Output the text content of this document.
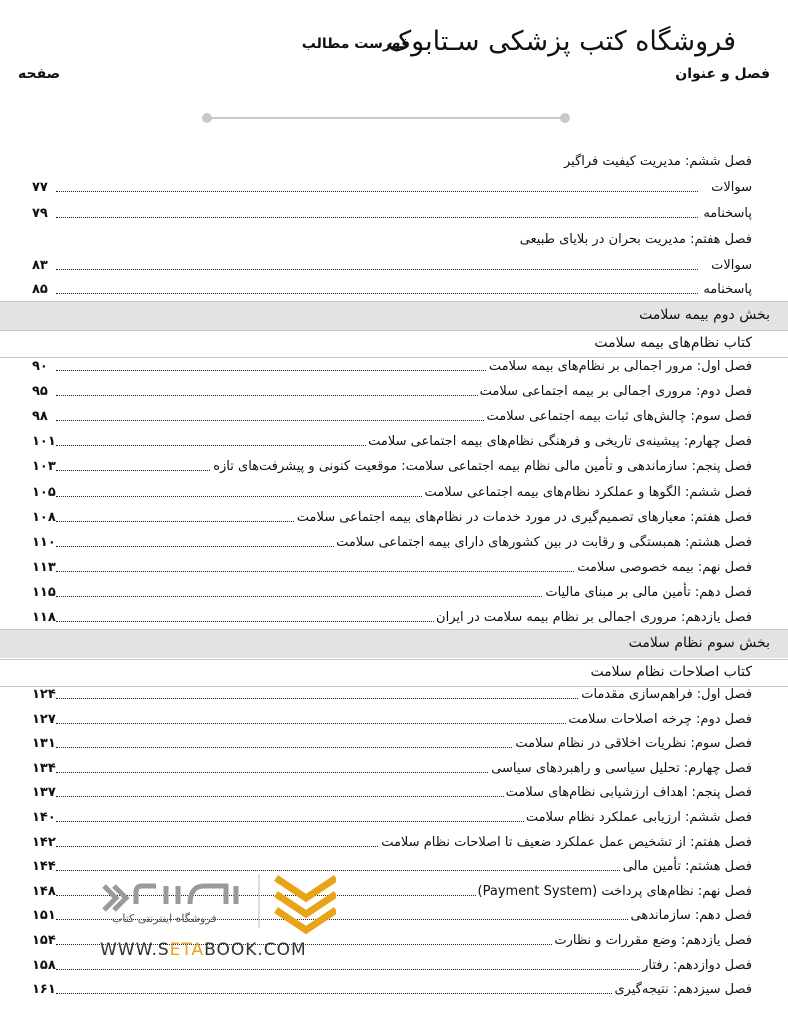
فروشگاه کتب پزشکی سـتابوک
فهرست مطالب
صفحه	فصل و عنوان
فصل ششم: مدیریت کیفیت فراگیر
۷۷	سوالات
۷۹	پاسخنامه
فصل هفتم: مدیریت بحران در بلایای طبیعی
۸۳	سوالات
۸۵	پاسخنامه
بخش دوم بیمه سلامت
کتاب نظام‌های بیمه سلامت
۹۰	فصل اول: مرور اجمالی بر نظام‌های بیمه سلامت
۹۵	فصل دوم: مروری اجمالی بر بیمه اجتماعی سلامت
۹۸	فصل سوم: چالش‌های ثبات بیمه اجتماعی سلامت
۱۰۱	فصل چهارم: پیشینه‌ی تاریخی و فرهنگی نظام‌های بیمه اجتماعی سلامت
۱۰۳	فصل پنجم: سازماندهی و تأمین مالی نظام بیمه اجتماعی سلامت: موقعیت کنونی و پیشرفت‌های تازه
۱۰۵	فصل ششم: الگوها و عملکرد نظام‌های بیمه اجتماعی سلامت
۱۰۸	فصل هفتم: معیارهای تصمیم‌گیری در مورد خدمات در نظام‌های بیمه اجتماعی سلامت
۱۱۰	فصل هشتم: همبستگی و رقابت در بین کشورهای دارای بیمه اجتماعی سلامت
۱۱۳	فصل نهم: بیمه خصوصی سلامت
۱۱۵	فصل دهم: تأمین مالی بر مبنای مالیات
۱۱۸	فصل یازدهم: مروری اجمالی بر نظام بیمه سلامت در ایران
بخش سوم نظام سلامت
کتاب اصلاحات نظام سلامت
۱۲۴	فصل اول: فراهم‌سازی مقدمات
۱۲۷	فصل دوم: چرخه اصلاحات سلامت
۱۳۱	فصل سوم: نظریات اخلاقی در نظام سلامت
۱۳۴	فصل چهارم: تحلیل سیاسی و راهبردهای سیاسی
۱۳۷	فصل پنجم: اهداف ارزشیابی نظام‌های سلامت
۱۴۰	فصل ششم: ارزیابی عملکرد نظام سلامت
۱۴۲	فصل هفتم: از تشخیص عمل عملکرد ضعیف تا اصلاحات نظام سلامت
۱۴۴	فصل هشتم: تأمین مالی
۱۴۸	فصل نهم: نظام‌های پرداخت (Payment System)
۱۵۱	فصل دهم: سازماندهی
۱۵۴	فصل یازدهم: وضع مقررات و نظارت
۱۵۸	فصل دوازدهم: رفتار
۱۶۱	فصل سیزدهم: نتیجه‌گیری
فروشگاه اینترنتی کتاب
WWW.SETABOOK.COM
